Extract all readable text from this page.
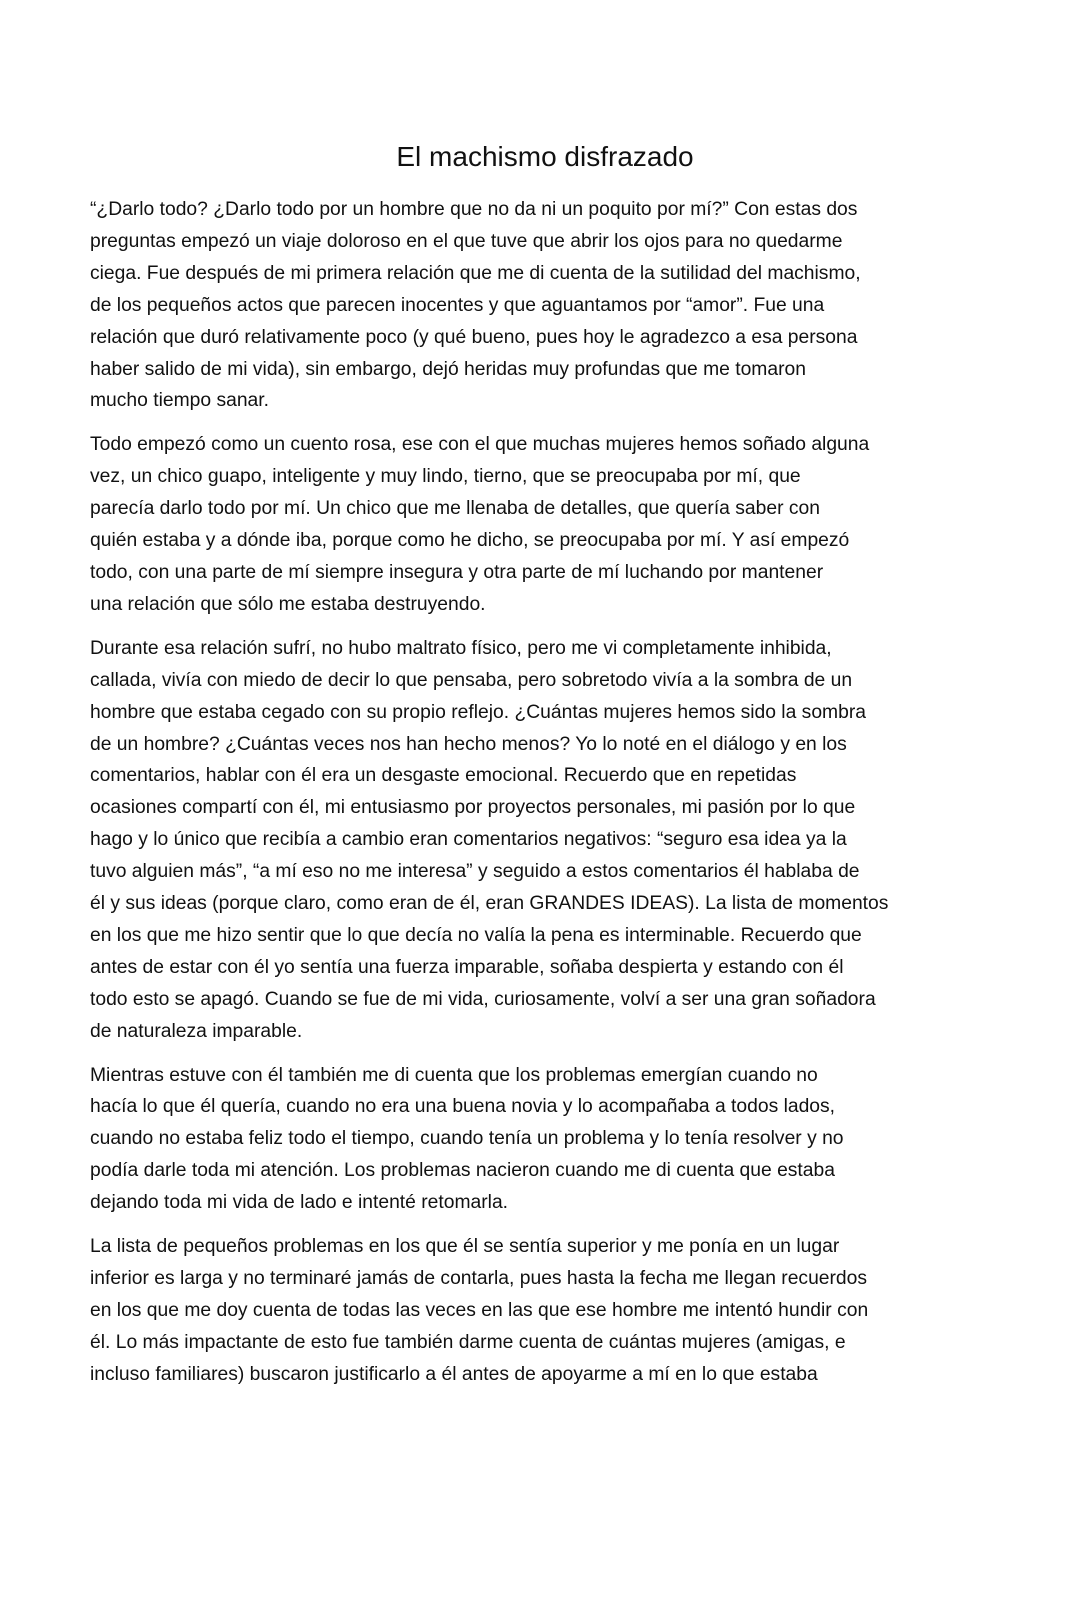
El machismo disfrazado

“¿Darlo todo? ¿Darlo todo por un hombre que no da ni un poquito por mí?” Con estas dos
preguntas empezó un viaje doloroso en el que tuve que abrir los ojos para no quedarme
ciega. Fue después de mi primera relación que me di cuenta de la sutilidad del machismo,
de los pequeños actos que parecen inocentes y que aguantamos por “amor”. Fue una
relación que duró relativamente poco (y qué bueno, pues hoy le agradezco a esa persona
haber salido de mi vida), sin embargo, dejó heridas muy profundas que me tomaron
mucho tiempo sanar.

Todo empezó como un cuento rosa, ese con el que muchas mujeres hemos soñado alguna
vez, un chico guapo, inteligente y muy lindo, tierno, que se preocupaba por mí, que
parecía darlo todo por mí. Un chico que me llenaba de detalles, que quería saber con
quién estaba y a dónde iba, porque como he dicho, se preocupaba por mí. Y así empezó
todo, con una parte de mí siempre insegura y otra parte de mí luchando por mantener
una relación que sólo me estaba destruyendo.

Durante esa relación sufrí, no hubo maltrato físico, pero me vi completamente inhibida,
callada, vivía con miedo de decir lo que pensaba, pero sobretodo vivía a la sombra de un
hombre que estaba cegado con su propio reflejo. ¿Cuántas mujeres hemos sido la sombra
de un hombre? ¿Cuántas veces nos han hecho menos? Yo lo noté en el diálogo y en los
comentarios, hablar con él era un desgaste emocional. Recuerdo que en repetidas
ocasiones compartí con él, mi entusiasmo por proyectos personales, mi pasión por lo que
hago y lo único que recibía a cambio eran comentarios negativos: “seguro esa idea ya la
tuvo alguien más”, “a mí eso no me interesa” y seguido a estos comentarios él hablaba de
él y sus ideas (porque claro, como eran de él, eran GRANDES IDEAS). La lista de momentos
en los que me hizo sentir que lo que decía no valía la pena es interminable. Recuerdo que
antes de estar con él yo sentía una fuerza imparable, soñaba despierta y estando con él
todo esto se apagó. Cuando se fue de mi vida, curiosamente, volví a ser una gran soñadora
de naturaleza imparable.

Mientras estuve con él también me di cuenta que los problemas emergían cuando no
hacía lo que él quería, cuando no era una buena novia y lo acompañaba a todos lados,
cuando no estaba feliz todo el tiempo, cuando tenía un problema y lo tenía resolver y no
podía darle toda mi atención. Los problemas nacieron cuando me di cuenta que estaba
dejando toda mi vida de lado e intenté retomarla.

La lista de pequeños problemas en los que él se sentía superior y me ponía en un lugar
inferior es larga y no terminaré jamás de contarla, pues hasta la fecha me llegan recuerdos
en los que me doy cuenta de todas las veces en las que ese hombre me intentó hundir con
él. Lo más impactante de esto fue también darme cuenta de cuántas mujeres (amigas, e
incluso familiares) buscaron justificarlo a él antes de apoyarme a mí en lo que estaba
